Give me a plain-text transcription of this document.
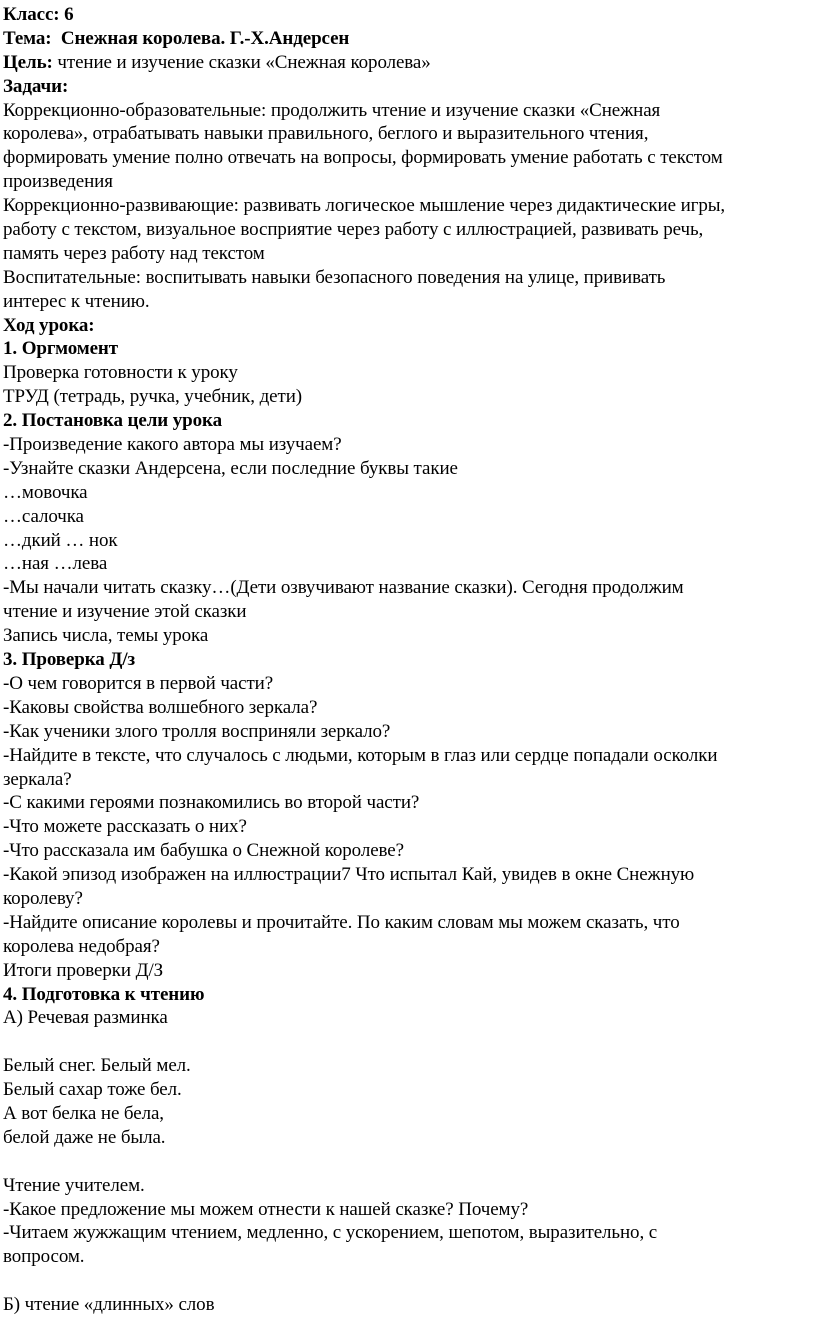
Класс: 6
Тема: Снежная королева. Г.-Х.Андерсен
Цель: чтение и изучение сказки «Снежная королева»
Задачи:
Коррекционно-образовательные: продолжить чтение и изучение сказки «Снежная
королева», отрабатывать навыки правильного, беглого и выразительного чтения,
формировать умение полно отвечать на вопросы, формировать умение работать с текстом
произведения
Коррекционно-развивающие: развивать логическое мышление через дидактические игры,
работу с текстом, визуальное восприятие через работу с иллюстрацией, развивать речь,
память через работу над текстом
Воспитательные: воспитывать навыки безопасного поведения на улице, прививать
интерес к чтению.
Ход урока:
1. Оргмомент
Проверка готовности к уроку
ТРУД (тетрадь, ручка, учебник, дети)
2. Постановка цели урока
-Произведение какого автора мы изучаем?
-Узнайте сказки Андерсена, если последние буквы такие
…мовочка
…салочка
…дкий … нок
…ная …лева
-Мы начали читать сказку…(Дети озвучивают название сказки). Сегодня продолжим
чтение и изучение этой сказки
Запись числа, темы урока
3. Проверка Д/з
-О чем говорится в первой части?
-Каковы свойства волшебного зеркала?
-Как ученики злого тролля восприняли зеркало?
-Найдите в тексте, что случалось с людьми, которым в глаз или сердце попадали осколки
зеркала?
-С какими героями познакомились во второй части?
-Что можете рассказать о них?
-Что рассказала им бабушка о Снежной королеве?
-Какой эпизод изображен на иллюстрации7 Что испытал Кай, увидев в окне Снежную
королеву?
-Найдите описание королевы и прочитайте. По каким словам мы можем сказать, что
королева недобрая?
Итоги проверки Д/З
4. Подготовка к чтению
А) Речевая разминка
Белый снег. Белый мел.
Белый сахар тоже бел.
А вот белка не бела,
белой даже не была.
Чтение учителем.
-Какое предложение мы можем отнести к нашей сказке? Почему?
-Читаем жужжащим чтением, медленно, с ускорением, шепотом, выразительно, с
вопросом.
Б) чтение «длинных» слов
